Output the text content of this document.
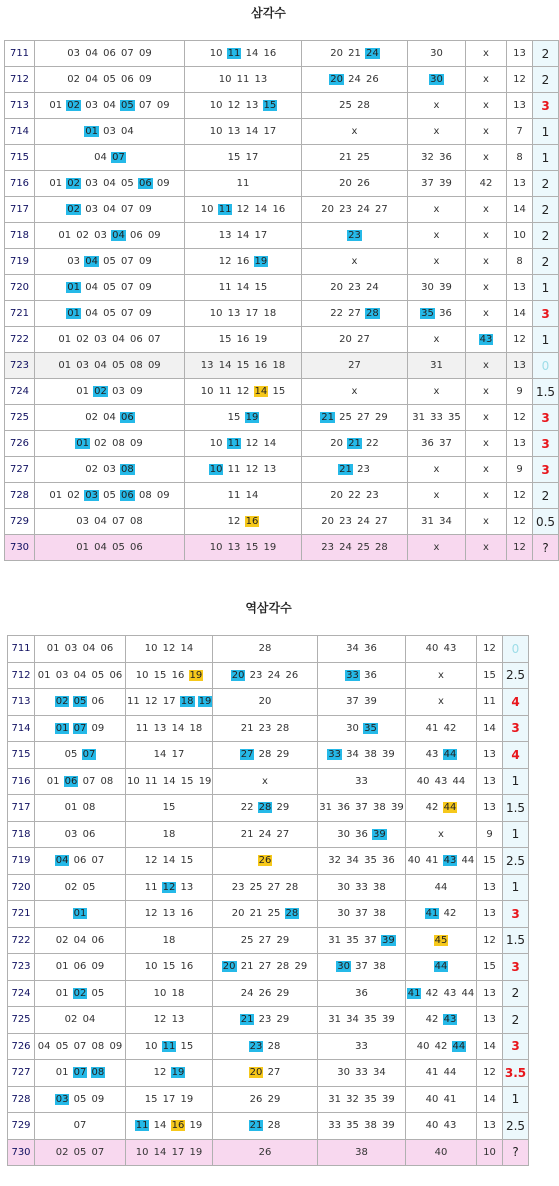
삼각수
711	03 04 06 07 09	10 11 14 16	20 21 24	30	x	13	2
712	02 04 05 06 09	10 11 13	20 24 26	30	x	12	2
713	01 02 03 04 05 07 09	10 12 13 15	25 28	x	x	13	3
714	01 03 04	10 13 14 17	x	x	x	7	1
715	04 07	15 17	21 25	32 36	x	8	1
716	01 02 03 04 05 06 09	11	20 26	37 39	42	13	2
717	02 03 04 07 09	10 11 12 14 16	20 23 24 27	x	x	14	2
718	01 02 03 04 06 09	13 14 17	23	x	x	10	2
719	03 04 05 07 09	12 16 19	x	x	x	8	2
720	01 04 05 07 09	11 14 15	20 23 24	30 39	x	13	1
721	01 04 05 07 09	10 13 17 18	22 27 28	35 36	x	14	3
722	01 02 03 04 06 07	15 16 19	20 27	x	43	12	1
723	01 03 04 05 08 09	13 14 15 16 18	27	31	x	13	0
724	01 02 03 09	10 11 12 14 15	x	x	x	9	1.5
725	02 04 06	15 19	21 25 27 29	31 33 35	x	12	3
726	01 02 08 09	10 11 12 14	20 21 22	36 37	x	13	3
727	02 03 08	10 11 12 13	21 23	x	x	9	3
728	01 02 03 05 06 08 09	11 14	20 22 23	x	x	12	2
729	03 04 07 08	12 16	20 23 24 27	31 34	x	12	0.5
730	01 04 05 06	10 13 15 19	23 24 25 28	x	x	12	?
역삼각수
711	01 03 04 06	10 12 14	28	34 36	40 43	12	0
712	01 03 04 05 06	10 15 16 19	20 23 24 26	33 36	x	15	2.5
713	02 05 06	11 12 17 18 19	20	37 39	x	11	4
714	01 07 09	11 13 14 18	21 23 28	30 35	41 42	14	3
715	05 07	14 17	27 28 29	33 34 38 39	43 44	13	4
716	01 06 07 08	10 11 14 15 19	x	33	40 43 44	13	1
717	01 08	15	22 28 29	31 36 37 38 39	42 44	13	1.5
718	03 06	18	21 24 27	30 36 39	x	9	1
719	04 06 07	12 14 15	26	32 34 35 36	40 41 43 44	15	2.5
720	02 05	11 12 13	23 25 27 28	30 33 38	44	13	1
721	01	12 13 16	20 21 25 28	30 37 38	41 42	13	3
722	02 04 06	18	25 27 29	31 35 37 39	45	12	1.5
723	01 06 09	10 15 16	20 21 27 28 29	30 37 38	44	15	3
724	01 02 05	10 18	24 26 29	36	41 42 43 44	13	2
725	02 04	12 13	21 23 29	31 34 35 39	42 43	13	2
726	04 05 07 08 09	10 11 15	23 28	33	40 42 44	14	3
727	01 07 08	12 19	20 27	30 33 34	41 44	12	3.5
728	03 05 09	15 17 19	26 29	31 32 35 39	40 41	14	1
729	07	11 14 16 19	21 28	33 35 38 39	40 43	13	2.5
730	02 05 07	10 14 17 19	26	38	40	10	?
